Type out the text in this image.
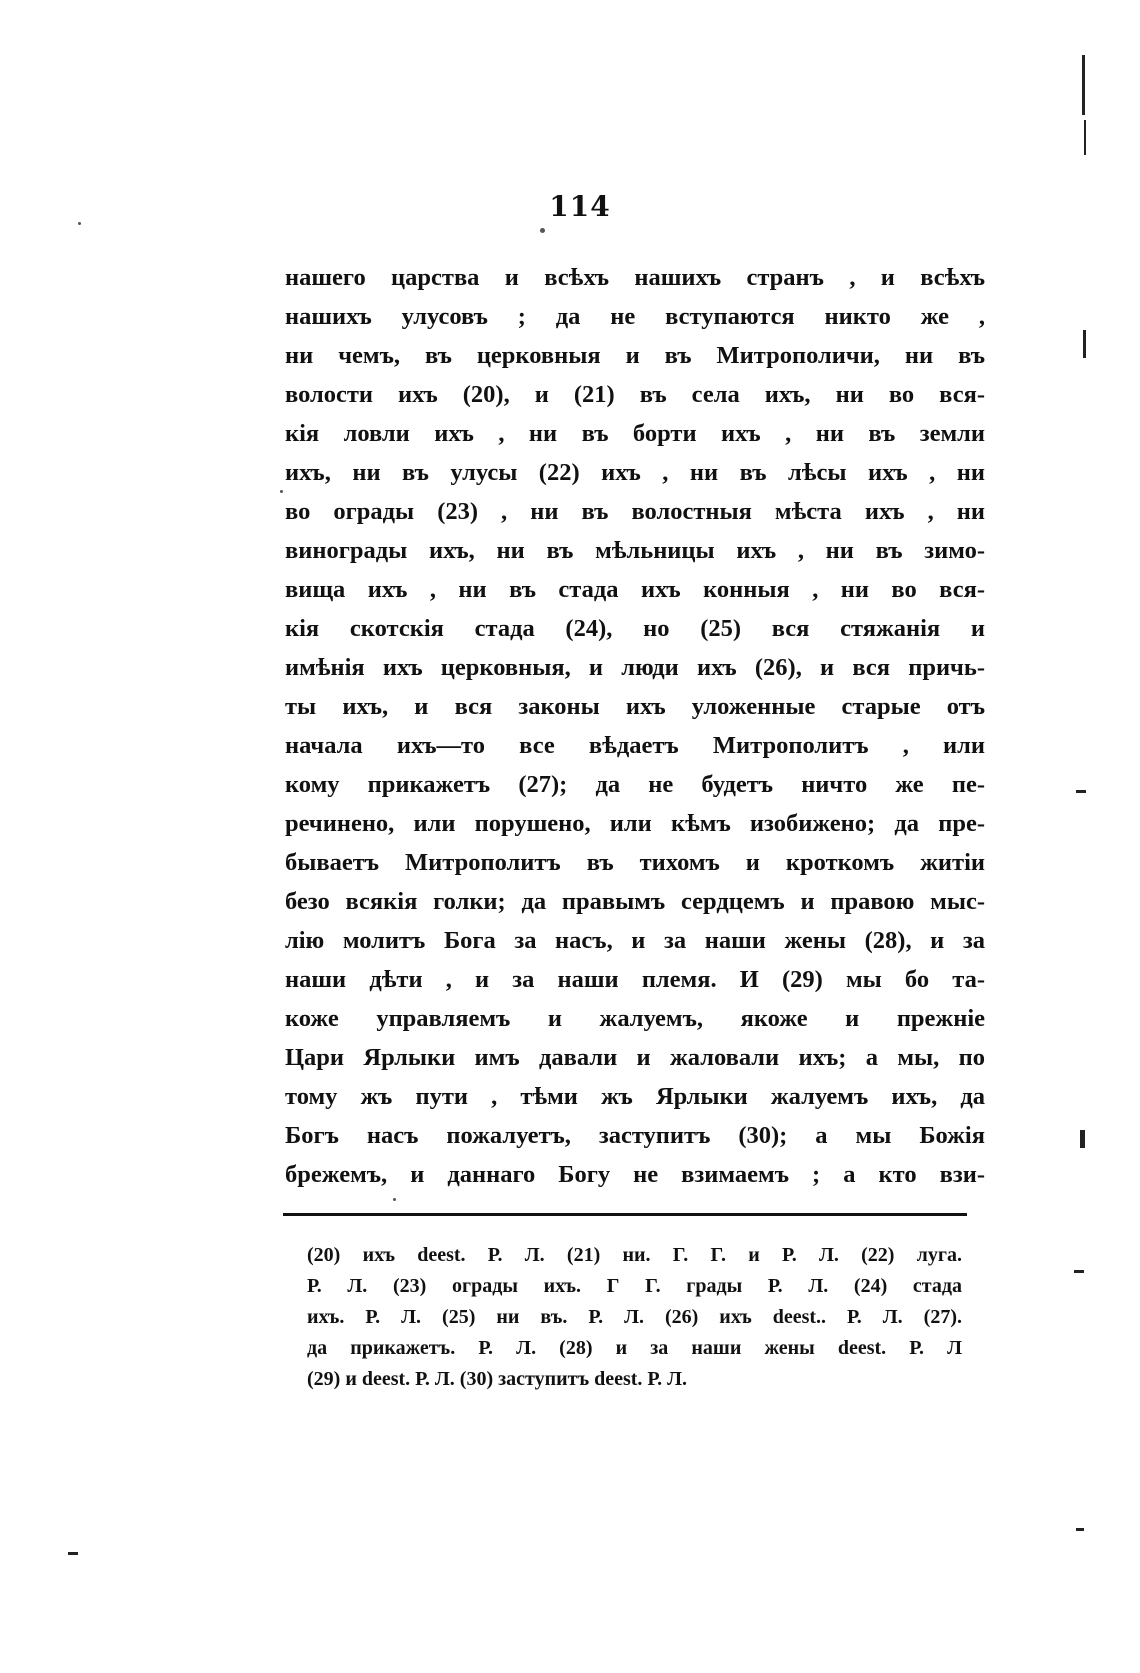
114
нашего царства и всѣхъ нашихъ странъ , и всѣхъ
нашихъ улусовъ ; да не вступаются никто же ,
ни чемъ, въ церковныя и въ Митрополичи, ни въ
волости ихъ (20), и (21) въ села ихъ, ни во вся-
кія ловли ихъ , ни въ борти ихъ , ни въ земли
ихъ, ни въ улусы (22) ихъ , ни въ лѣсы ихъ , ни
во ограды (23) , ни въ волостныя мѣста ихъ , ни
винограды ихъ, ни въ мѣльницы ихъ , ни въ зимо-
вища ихъ , ни въ стада ихъ конныя , ни во вся-
кія скотскія стада (24), но (25) вся стяжанія и
имѣнія ихъ церковныя, и люди ихъ (26), и вся причь-
ты ихъ, и вся законы ихъ уложенные старые отъ
начала ихъ—то все вѣдаетъ Митрополитъ , или
кому прикажетъ (27); да не будетъ ничто же пе-
речинено, или порушено, или кѣмъ изобижено; да пре-
бываетъ Митрополитъ въ тихомъ и кроткомъ житіи
безо всякія голки; да правымъ сердцемъ и правою мыс-
лію молитъ Бога за насъ, и за наши жены (28), и за
наши дѣти , и за наши племя. И (29) мы бо та-
коже управляемъ и жалуемъ, якоже и прежніе
Цари Ярлыки имъ давали и жаловали ихъ; а мы, по
тому жъ пути , тѣми жъ Ярлыки жалуемъ ихъ, да
Богъ насъ пожалуетъ, заступитъ (30); а мы Божія
брежемъ, и даннаго Богу не взимаемъ ; а кто взи-
(20) ихъ deest. Р. Л. (21) ни. Г. Г. и Р. Л. (22) луга.
Р. Л. (23) ограды ихъ. Г Г. грады Р. Л. (24) стада
ихъ. Р. Л. (25) ни въ. Р. Л. (26) ихъ deest.. Р. Л. (27).
да прикажетъ. Р. Л. (28) и за наши жены deest. Р. Л
(29) и deest. Р. Л. (30) заступитъ deest. Р. Л.
